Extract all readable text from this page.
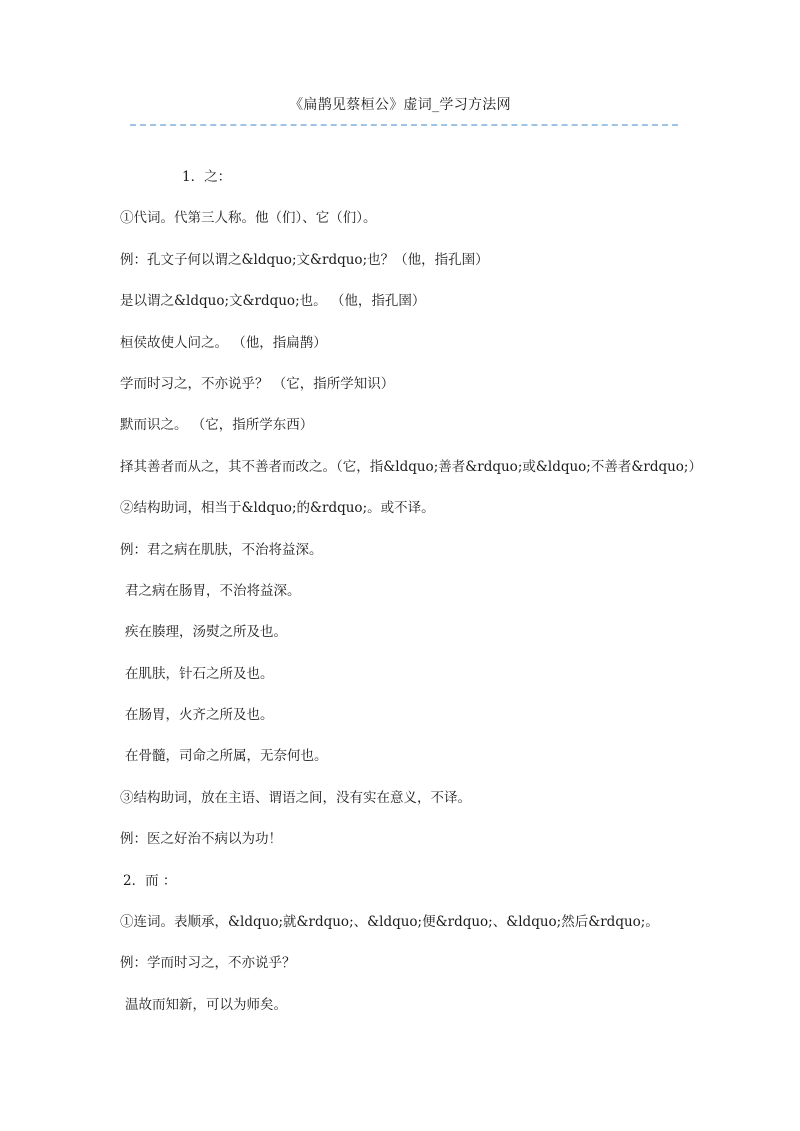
《扁鹊见蔡桓公》虚词_学习方法网
1．之：
①代词。代第三人称。他（们）、它（们）。
例：孔文子何以谓之&ldquo;文&rdquo;也？（他，指孔圉）
是以谓之&ldquo;文&rdquo;也。 （他，指孔圉）
桓侯故使人问之。 （他，指扁鹊）
学而时习之，不亦说乎？ （它，指所学知识）
默而识之。 （它，指所学东西）
择其善者而从之，其不善者而改之。（它，指&ldquo;善者&rdquo;或&ldquo;不善者&rdquo;）
②结构助词，相当于&ldquo;的&rdquo;。或不译。
例：君之病在肌肤，不治将益深。
君之病在肠胃，不治将益深。
疾在腠理，汤熨之所及也。
在肌肤，针石之所及也。
在肠胃，火齐之所及也。
在骨髓，司命之所属，无奈何也。
③结构助词，放在主语、谓语之间，没有实在意义，不译。
例：医之好治不病以为功！
2．而 ：
①连词。表顺承，&ldquo;就&rdquo;、&ldquo;便&rdquo;、&ldquo;然后&rdquo;。
例：学而时习之，不亦说乎？
温故而知新，可以为师矣。
